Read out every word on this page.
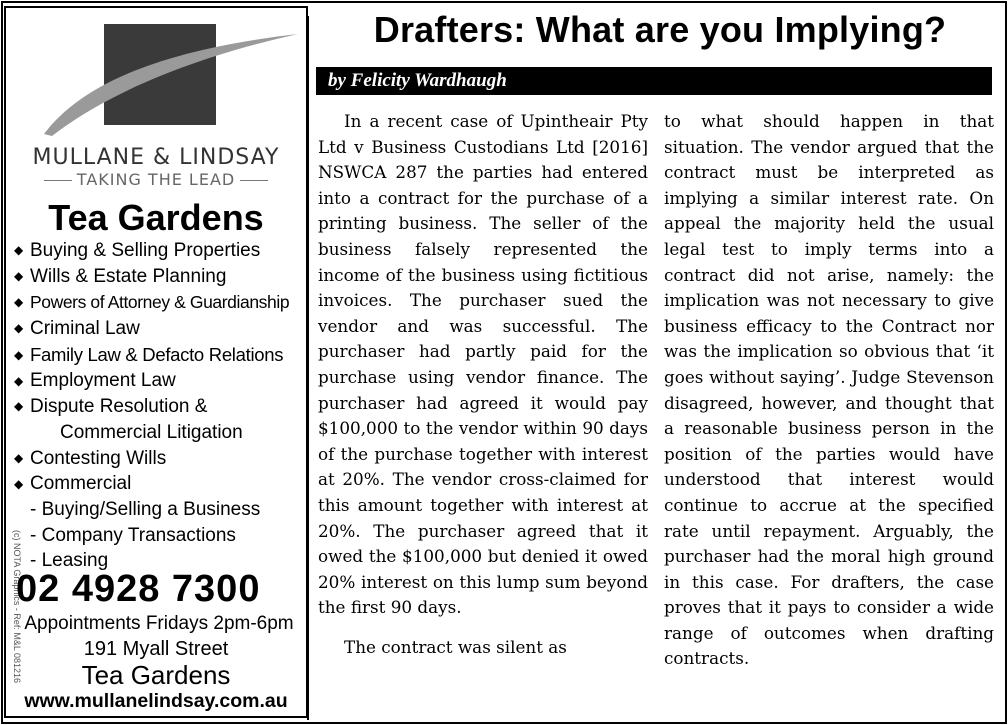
MULLANE & LINDSAY
TAKING THE LEAD
Tea Gardens
◆ Buying & Selling Properties
◆ Wills & Estate Planning
◆ Powers of Attorney & Guardianship
◆ Criminal Law
◆ Family Law & Defacto Relations
◆ Employment Law
◆ Dispute Resolution &
Commercial Litigation
◆ Contesting Wills
◆ Commercial
- Buying/Selling a Business
- Company Transactions
- Leasing
(c) NOTA Graphics - Ref: M&L 081216
02 4928 7300
Appointments Fridays 2pm-6pm
191 Myall Street
Tea Gardens
www.mullanelindsay.com.au
Drafters: What are you Implying?
by Felicity Wardhaugh

In a recent case of Upintheair Pty Ltd v Business Custodians Ltd [2016] NSWCA 287 the parties had entered into a contract for the purchase of a printing business. The seller of the business falsely represented the income of the business using fictitious invoices. The purchaser sued the vendor and was successful. The purchaser had partly paid for the purchase using vendor finance. The purchaser had agreed it would pay $100,000 to the vendor within 90 days of the purchase together with interest at 20%. The vendor cross-claimed for this amount together with interest at 20%. The purchaser agreed that it owed the $100,000 but denied it owed 20% interest on this lump sum beyond the first 90 days.

The contract was silent as

to what should happen in that situation. The vendor argued that the contract must be interpreted as implying a similar interest rate. On appeal the majority held the usual legal test to imply terms into a contract did not arise, namely: the implication was not necessary to give business efficacy to the Contract nor was the implication so obvious that ‘it goes without saying’. Judge Stevenson disagreed, however, and thought that a reasonable business person in the position of the parties would have understood that interest would continue to accrue at the specified rate until repayment. Arguably, the purchaser had the moral high ground in this case. For drafters, the case proves that it pays to consider a wide range of outcomes when drafting contracts.
